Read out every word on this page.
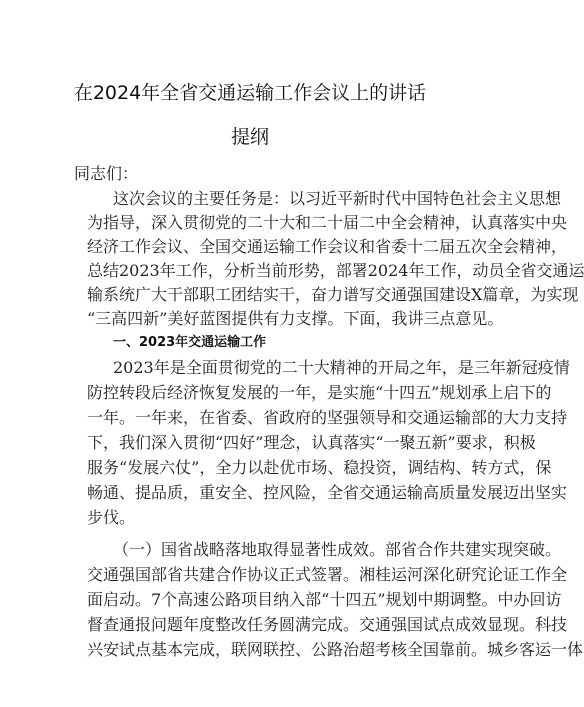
在2024年全省交通运输工作会议上的讲话
提纲
同志们：
这次会议的主要任务是：以习近平新时代中国特色社会主义思想
为指导，深入贯彻党的二十大和二十届二中全会精神，认真落实中央
经济工作会议、全国交通运输工作会议和省委十二届五次全会精神，
总结2023年工作，分析当前形势，部署2024年工作，动员全省交通运
输系统广大干部职工团结实干，奋力谱写交通强国建设X篇章，为实现
“三高四新”美好蓝图提供有力支撑。下面，我讲三点意见。
一、2023年交通运输工作
2023年是全面贯彻党的二十大精神的开局之年，是三年新冠疫情
防控转段后经济恢复发展的一年，是实施“十四五”规划承上启下的
一年。一年来，在省委、省政府的坚强领导和交通运输部的大力支持
下，我们深入贯彻“四好”理念，认真落实“一聚五新”要求，积极
服务“发展六仗”，全力以赴优市场、稳投资，调结构、转方式，保
畅通、提品质，重安全、控风险，全省交通运输高质量发展迈出坚实
步伐。
（一）国省战略落地取得显著性成效。部省合作共建实现突破。
交通强国部省共建合作协议正式签署。湘桂运河深化研究论证工作全
面启动。7个高速公路项目纳入部“十四五”规划中期调整。中办回访
督查通报问题年度整改任务圆满完成。交通强国试点成效显现。科技
兴安试点基本完成，联网联控、公路治超考核全国靠前。城乡客运一体
